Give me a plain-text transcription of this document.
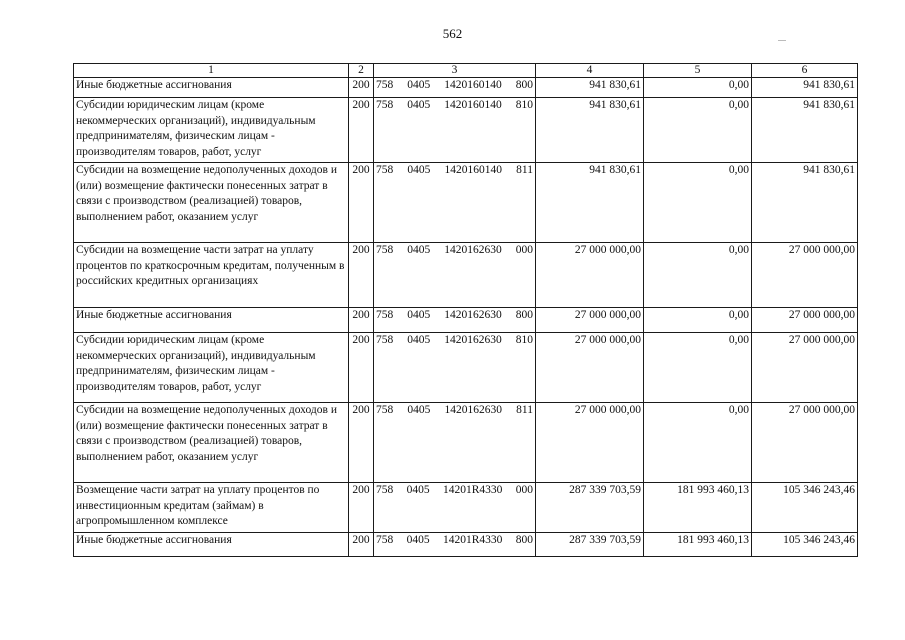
562
1	2	3	4	5	6
Иные бюджетные ассигнования	200	758 0405 1420160140 800	941 830,61	0,00	941 830,61
Субсидии юридическим лицам (кроме некоммерческих организаций), индивидуальным предпринимателям, физическим лицам - производителям товаров, работ, услуг	200	758 0405 1420160140 810	941 830,61	0,00	941 830,61
Субсидии на возмещение недополученных доходов и (или) возмещение фактически понесенных затрат в связи с производством (реализацией) товаров, выполнением работ, оказанием услуг	200	758 0405 1420160140 811	941 830,61	0,00	941 830,61
Субсидии на возмещение части затрат на уплату процентов по краткосрочным кредитам, полученным в российских кредитных организациях	200	758 0405 1420162630 000	27 000 000,00	0,00	27 000 000,00
Иные бюджетные ассигнования	200	758 0405 1420162630 800	27 000 000,00	0,00	27 000 000,00
Субсидии юридическим лицам (кроме некоммерческих организаций), индивидуальным предпринимателям, физическим лицам - производителям товаров, работ, услуг	200	758 0405 1420162630 810	27 000 000,00	0,00	27 000 000,00
Субсидии на возмещение недополученных доходов и (или) возмещение фактически понесенных затрат в связи с производством (реализацией) товаров, выполнением работ, оказанием услуг	200	758 0405 1420162630 811	27 000 000,00	0,00	27 000 000,00
Возмещение части затрат на уплату процентов по инвестиционным кредитам (займам) в агропромышленном комплексе	200	758 0405 14201R4330 000	287 339 703,59	181 993 460,13	105 346 243,46
Иные бюджетные ассигнования	200	758 0405 14201R4330 800	287 339 703,59	181 993 460,13	105 346 243,46
